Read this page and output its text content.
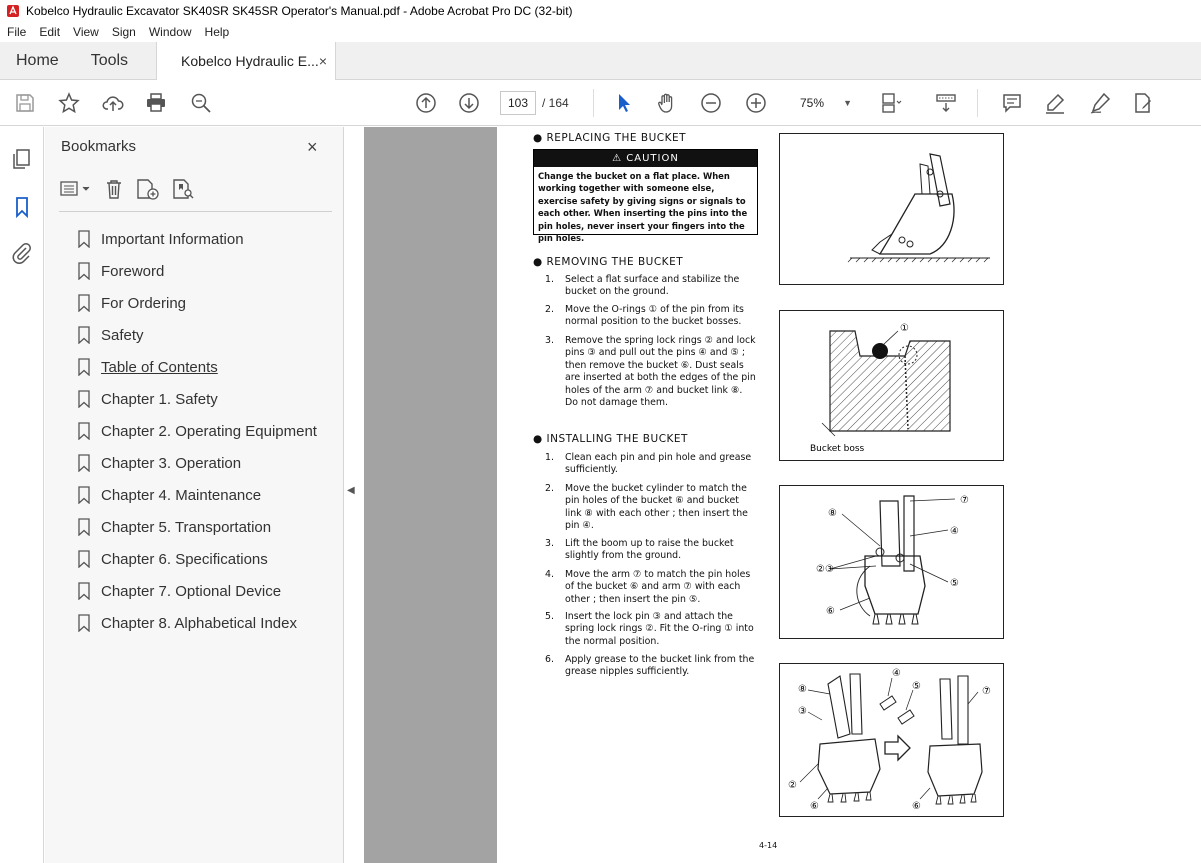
Kobelco Hydraulic Excavator SK40SR SK45SR Operator's Manual.pdf - Adobe Acrobat Pro DC (32-bit)
File	Edit	View	Sign	Window	Help
Home	Tools	Kobelco Hydraulic E... ×
103	/ 164	75% ▼
Bookmarks	×
Important Information
Foreword
For Ordering
Safety
Table of Contents
Chapter 1. Safety
Chapter 2. Operating Equipment
Chapter 3. Operation
Chapter 4. Maintenance
Chapter 5. Transportation
Chapter 6. Specifications
Chapter 7. Optional Device
Chapter 8. Alphabetical Index
◀
● REPLACING THE BUCKET
⚠ CAUTION
Change the bucket on a flat place. When working together with someone else, exercise safety by giving signs or signals to each other. When inserting the pins into the pin holes, never insert your fingers into the pin holes.
● REMOVING THE BUCKET
1.	Select a flat surface and stabilize the bucket on the ground.
2.	Move the O-rings ① of the pin from its normal position to the bucket bosses.
3.	Remove the spring lock rings ② and lock pins ③ and pull out the pins ④ and ⑤ ; then remove the bucket ⑥. Dust seals are inserted at both the edges of the pin holes of the arm ⑦ and bucket link ⑧. Do not damage them.
● INSTALLING THE BUCKET
1.	Clean each pin and pin hole and grease sufficiently.
2.	Move the bucket cylinder to match the pin holes of the bucket ⑥ and bucket link ⑧ with each other ; then insert the pin ④.
3.	Lift the boom up to raise the bucket slightly from the ground.
4.	Move the arm ⑦ to match the pin holes of the bucket ⑥ and arm ⑦ with each other ; then insert the pin ⑤.
5.	Insert the lock pin ③ and attach the spring lock rings ②. Fit the O-ring ① into the normal position.
6.	Apply grease to the bucket link from the grease nipples sufficiently.
①
Bucket boss
⑦
⑧
④
②③
⑤
⑥
④
⑤
⑧
③
⑦
②
⑥	⑥
4-14
